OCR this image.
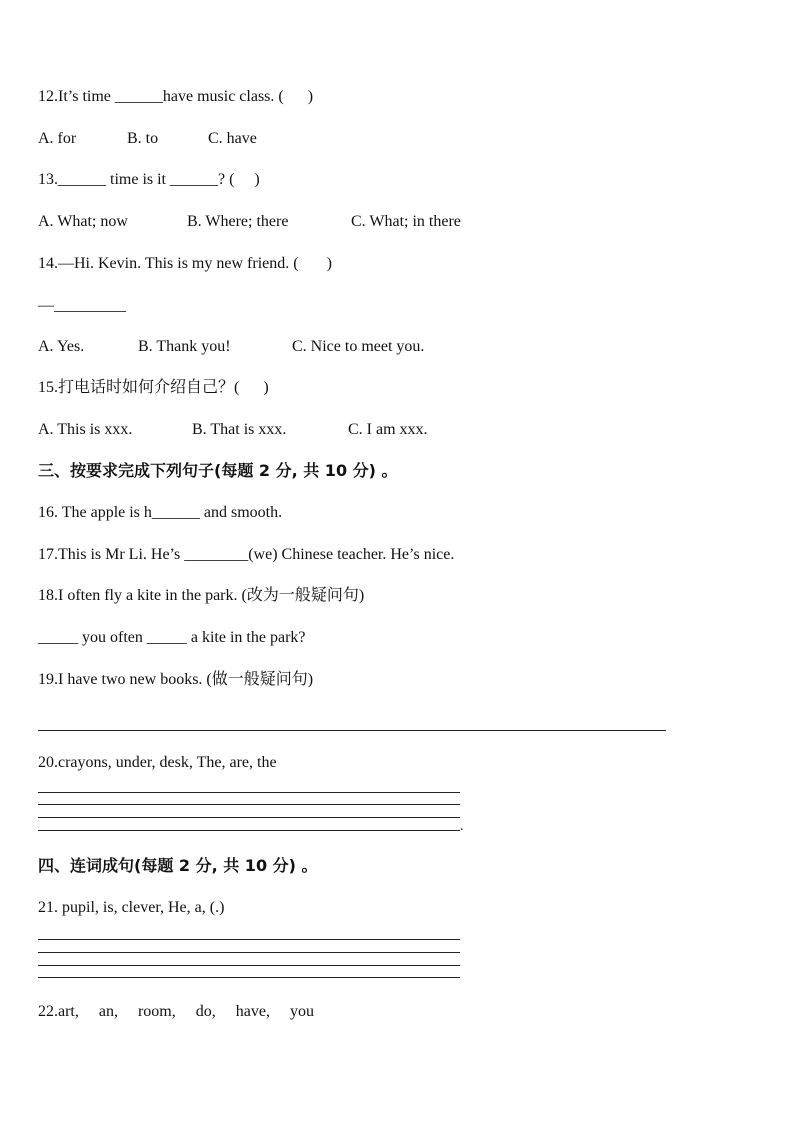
12.It’s time ______have music class. (      )
A. for	B. to	C. have
13.______ time is it ______? (     )
A. What; now	B. Where; there	C. What; in there
14.—Hi. Kevin. This is my new friend. (       )
—_________
A. Yes.	B. Thank you!	C. Nice to meet you.
15.打电话时如何介绍自己？(      )
A. This is xxx.	B. That is xxx.	C. I am xxx.
三、按要求完成下列句子(每题 2 分, 共 10 分) 。
16. The apple is h______ and smooth.
17.This is Mr Li. He’s ________(we) Chinese teacher. He’s nice.
18.I often fly a kite in the park. (改为一般疑问句)
_____ you often _____ a kite in the park?
19.I have two new books. (做一般疑问句)
20.crayons, under, desk, The, are, the
.
四、连词成句(每题 2 分, 共 10 分) 。
21. pupil, is, clever, He, a, (.)
22.art,     an,     room,     do,     have,     you
